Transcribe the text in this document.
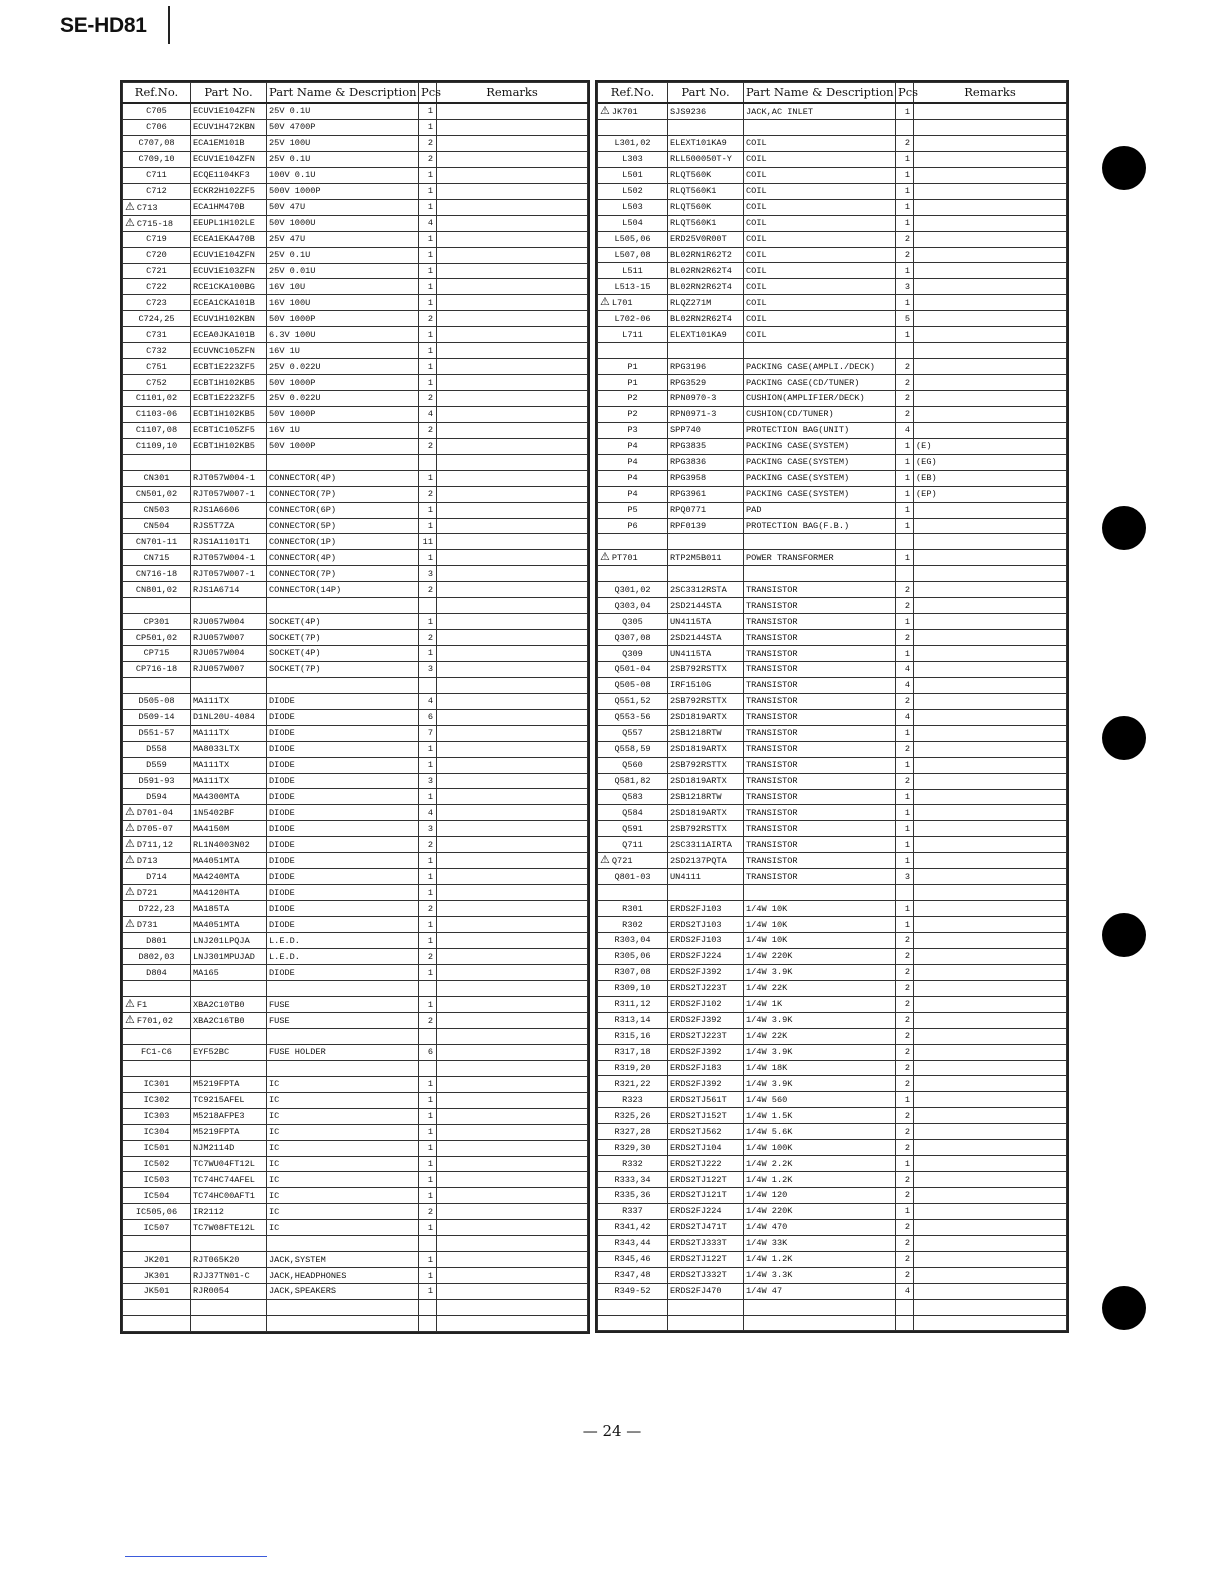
SE-HD81
Ref.No.	Part No.	Part Name & Description	Pcs	Remarks
C705	ECUV1E104ZFN	25V 0.1U	1	
C706	ECUV1H472KBN	50V 4700P	1	
C707,08	ECA1EM101B	25V 100U	2	
C709,10	ECUV1E104ZFN	25V 0.1U	2	
C711	ECQE1104KF3	100V 0.1U	1	
C712	ECKR2H102ZF5	500V 1000P	1	
⚠ C713	ECA1HM470B	50V 47U	1	
⚠ C715-18	EEUPL1H102LE	50V 1000U	4	
C719	ECEA1EKA470B	25V 47U	1	
C720	ECUV1E104ZFN	25V 0.1U	1	
C721	ECUV1E103ZFN	25V 0.01U	1	
C722	RCE1CKA100BG	16V 10U	1	
C723	ECEA1CKA101B	16V 100U	1	
C724,25	ECUV1H102KBN	50V 1000P	2	
C731	ECEA0JKA101B	6.3V 100U	1	
C732	ECUVNC105ZFN	16V 1U	1	
C751	ECBT1E223ZF5	25V 0.022U	1	
C752	ECBT1H102KB5	50V 1000P	1	
C1101,02	ECBT1E223ZF5	25V 0.022U	2	
C1103-06	ECBT1H102KB5	50V 1000P	4	
C1107,08	ECBT1C105ZF5	16V 1U	2	
C1109,10	ECBT1H102KB5	50V 1000P	2	

CN301	RJT057W004-1	CONNECTOR(4P)	1	
CN501,02	RJT057W007-1	CONNECTOR(7P)	2	
CN503	RJS1A6606	CONNECTOR(6P)	1	
CN504	RJS5T7ZA	CONNECTOR(5P)	1	
CN701-11	RJS1A1101T1	CONNECTOR(1P)	11	
CN715	RJT057W004-1	CONNECTOR(4P)	1	
CN716-18	RJT057W007-1	CONNECTOR(7P)	3	
CN801,02	RJS1A6714	CONNECTOR(14P)	2	

CP301	RJU057W004	SOCKET(4P)	1	
CP501,02	RJU057W007	SOCKET(7P)	2	
CP715	RJU057W004	SOCKET(4P)	1	
CP716-18	RJU057W007	SOCKET(7P)	3	

D505-08	MA111TX	DIODE	4	
D509-14	D1NL20U-4084	DIODE	6	
D551-57	MA111TX	DIODE	7	
D558	MA8033LTX	DIODE	1	
D559	MA111TX	DIODE	1	
D591-93	MA111TX	DIODE	3	
D594	MA4300MTA	DIODE	1	
⚠ D701-04	1N5402BF	DIODE	4	
⚠ D705-07	MA4150M	DIODE	3	
⚠ D711,12	RL1N4003N02	DIODE	2	
⚠ D713	MA4051MTA	DIODE	1	
D714	MA4240MTA	DIODE	1	
⚠ D721	MA4120HTA	DIODE	1	
D722,23	MA185TA	DIODE	2	
⚠ D731	MA4051MTA	DIODE	1	
D801	LNJ201LPQJA	L.E.D.	1	
D802,03	LNJ301MPUJAD	L.E.D.	2	
D804	MA165	DIODE	1	

⚠ F1	XBA2C10TB0	FUSE	1	
⚠ F701,02	XBA2C16TB0	FUSE	2	

FC1-C6	EYF52BC	FUSE HOLDER	6	

IC301	M5219FPTA	IC	1	
IC302	TC9215AFEL	IC	1	
IC303	M5218AFPE3	IC	1	
IC304	M5219FPTA	IC	1	
IC501	NJM2114D	IC	1	
IC502	TC7WU04FT12L	IC	1	
IC503	TC74HC74AFEL	IC	1	
IC504	TC74HC00AFT1	IC	1	
IC505,06	IR2112	IC	2	
IC507	TC7W08FTE12L	IC	1	

JK201	RJT065K20	JACK,SYSTEM	1	
JK301	RJJ37TN01-C	JACK,HEADPHONES	1	
JK501	RJR0054	JACK,SPEAKERS	1	

Ref.No.	Part No.	Part Name & Description	Pcs	Remarks
⚠ JK701	SJS9236	JACK,AC INLET	1	

L301,02	ELEXT101KA9	COIL	2	
L303	RLL500050T-Y	COIL	1	
L501	RLQT560K	COIL	1	
L502	RLQT560K1	COIL	1	
L503	RLQT560K	COIL	1	
L504	RLQT560K1	COIL	1	
L505,06	ERD25V0R00T	COIL	2	
L507,08	BL02RN1R62T2	COIL	2	
L511	BL02RN2R62T4	COIL	1	
L513-15	BL02RN2R62T4	COIL	3	
⚠ L701	RLQZ271M	COIL	1	
L702-06	BL02RN2R62T4	COIL	5	
L711	ELEXT101KA9	COIL	1	

P1	RPG3196	PACKING CASE(AMPLI./DECK)	2	
P1	RPG3529	PACKING CASE(CD/TUNER)	2	
P2	RPN0970-3	CUSHION(AMPLIFIER/DECK)	2	
P2	RPN0971-3	CUSHION(CD/TUNER)	2	
P3	SPP740	PROTECTION BAG(UNIT)	4	
P4	RPG3835	PACKING CASE(SYSTEM)	1	(E)
P4	RPG3836	PACKING CASE(SYSTEM)	1	(EG)
P4	RPG3958	PACKING CASE(SYSTEM)	1	(EB)
P4	RPG3961	PACKING CASE(SYSTEM)	1	(EP)
P5	RPQ0771	PAD	1	
P6	RPF0139	PROTECTION BAG(F.B.)	1	

⚠ PT701	RTP2M5B011	POWER TRANSFORMER	1	

Q301,02	2SC3312RSTA	TRANSISTOR	2	
Q303,04	2SD2144STA	TRANSISTOR	2	
Q305	UN4115TA	TRANSISTOR	1	
Q307,08	2SD2144STA	TRANSISTOR	2	
Q309	UN4115TA	TRANSISTOR	1	
Q501-04	2SB792RSTTX	TRANSISTOR	4	
Q505-08	IRF1510G	TRANSISTOR	4	
Q551,52	2SB792RSTTX	TRANSISTOR	2	
Q553-56	2SD1819ARTX	TRANSISTOR	4	
Q557	2SB1218RTW	TRANSISTOR	1	
Q558,59	2SD1819ARTX	TRANSISTOR	2	
Q560	2SB792RSTTX	TRANSISTOR	1	
Q581,82	2SD1819ARTX	TRANSISTOR	2	
Q583	2SB1218RTW	TRANSISTOR	1	
Q584	2SD1819ARTX	TRANSISTOR	1	
Q591	2SB792RSTTX	TRANSISTOR	1	
Q711	2SC3311AIRTA	TRANSISTOR	1	
⚠ Q721	2SD2137PQTA	TRANSISTOR	1	
Q801-03	UN4111	TRANSISTOR	3	

R301	ERDS2FJ103	1/4W 10K	1	
R302	ERDS2TJ103	1/4W 10K	1	
R303,04	ERDS2FJ103	1/4W 10K	2	
R305,06	ERDS2FJ224	1/4W 220K	2	
R307,08	ERDS2FJ392	1/4W 3.9K	2	
R309,10	ERDS2TJ223T	1/4W 22K	2	
R311,12	ERDS2FJ102	1/4W 1K	2	
R313,14	ERDS2FJ392	1/4W 3.9K	2	
R315,16	ERDS2TJ223T	1/4W 22K	2	
R317,18	ERDS2FJ392	1/4W 3.9K	2	
R319,20	ERDS2FJ183	1/4W 18K	2	
R321,22	ERDS2FJ392	1/4W 3.9K	2	
R323	ERDS2TJ561T	1/4W 560	1	
R325,26	ERDS2TJ152T	1/4W 1.5K	2	
R327,28	ERDS2TJ562	1/4W 5.6K	2	
R329,30	ERDS2TJ104	1/4W 100K	2	
R332	ERDS2TJ222	1/4W 2.2K	1	
R333,34	ERDS2TJ122T	1/4W 1.2K	2	
R335,36	ERDS2TJ121T	1/4W 120	2	
R337	ERDS2FJ224	1/4W 220K	1	
R341,42	ERDS2TJ471T	1/4W 470	2	
R343,44	ERDS2TJ333T	1/4W 33K	2	
R345,46	ERDS2TJ122T	1/4W 1.2K	2	
R347,48	ERDS2TJ332T	1/4W 3.3K	2	
R349-52	ERDS2FJ470	1/4W 47	4	

— 24 —
